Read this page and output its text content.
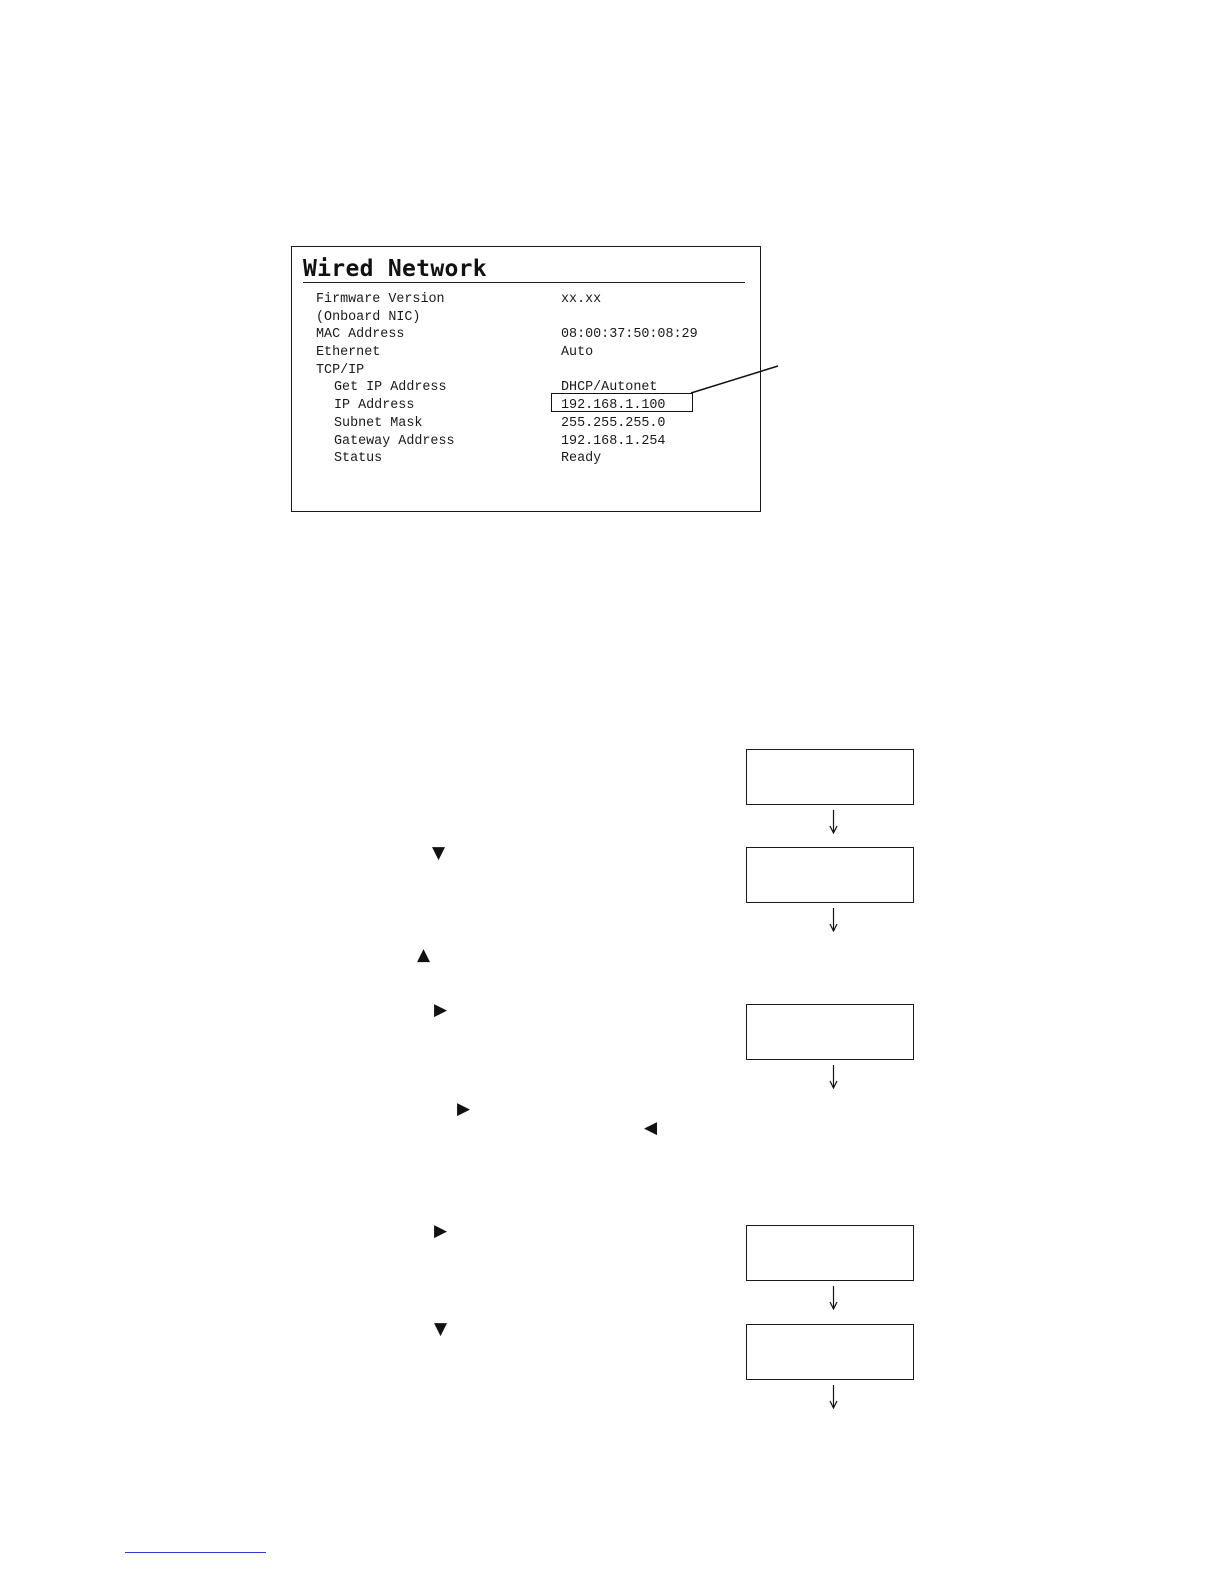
Wired Network
Firmware Version	xx.xx
(Onboard NIC)
MAC Address	08:00:37:50:08:29
Ethernet	Auto
TCP/IP
Get IP Address	DHCP/Autonet
IP Address	192.168.1.100
Subnet Mask	255.255.255.0
Gateway Address	192.168.1.254
Status	Ready
▼
▲
▶
▶
◀
▶
▼
